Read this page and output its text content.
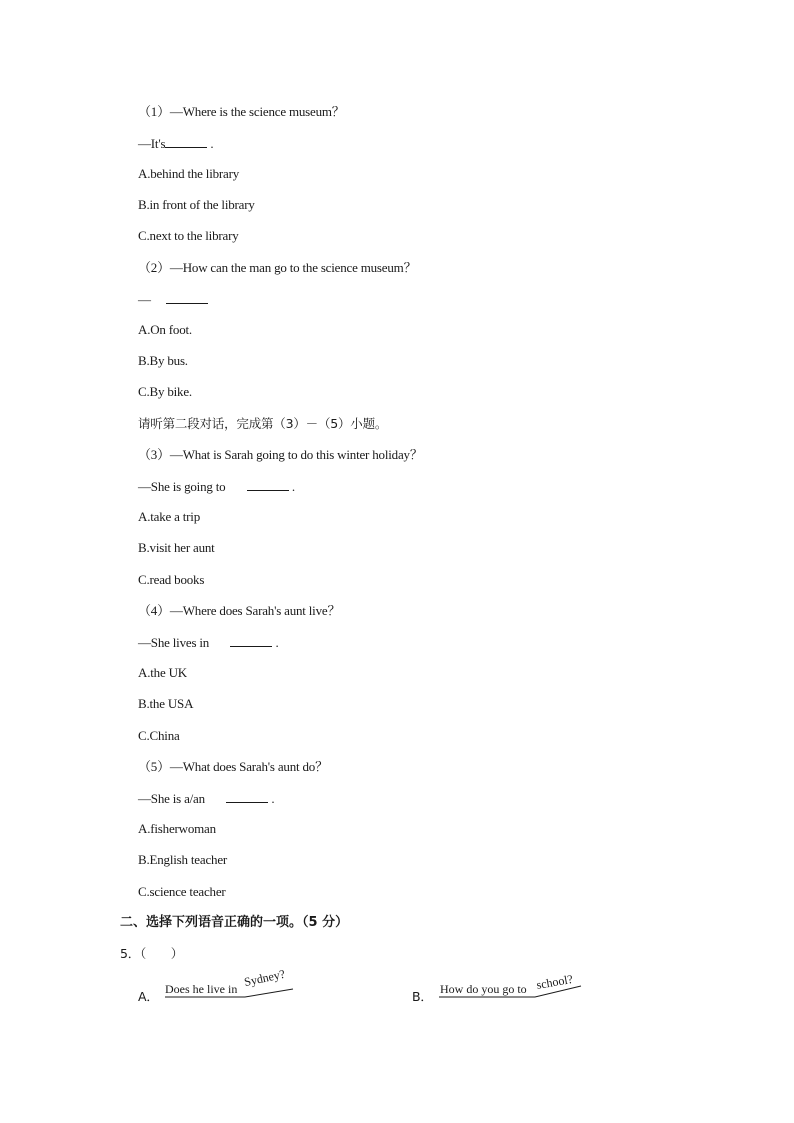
（1）—Where is the science museum？
—It's	.
A.behind the library
B.in front of the library
C.next to the library
（2）—How can the man go to the science museum？
—
A.On foot.
B.By bus.
C.By bike.
请听第二段对话，完成第（3）－（5）小题。
（3）—What is Sarah going to do this winter holiday？
—She is going to	.
A.take a trip
B.visit her aunt
C.read books
（4）—Where does Sarah's aunt live？
—She lives in	.
A.the UK
B.the USA
C.China
（5）—What does Sarah's aunt do？
—She is a/an	.
A.fisherwoman
B.English teacher
C.science teacher
二、选择下列语音正确的一项。（5 分）
5．（　　）
A． Does he live in Sydney?
B． How do you go to school?
